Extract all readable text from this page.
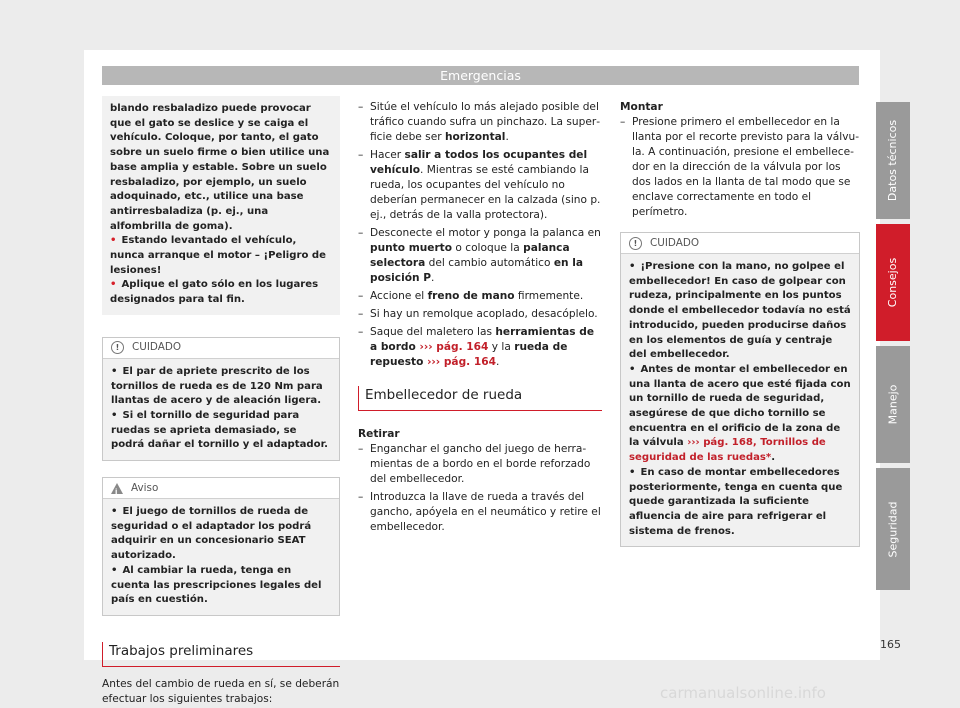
Emergencias
blando resbaladizo puede provocar que el gato se deslice y se caiga el vehículo. Coloque, por tanto, el gato sobre un suelo firme o bien utilice una base amplia y estable. Sobre un suelo resbaladizo, por ejemplo, un suelo adoquinado, etc., utilice una base antirresbaladiza (p. ej., una alfombrilla de goma).
• Estando levantado el vehículo, nunca arranque el motor – ¡Peligro de lesiones!
• Aplique el gato sólo en los lugares designados para tal fin.
!	CUIDADO
• El par de apriete prescrito de los tornillos de rueda es de 120 Nm para llantas de acero y de aleación ligera.
• Si el tornillo de seguridad para ruedas se aprieta demasiado, se podrá dañar el tornillo y el adaptador.
i Aviso
• El juego de tornillos de rueda de seguridad o el adaptador los podrá adquirir en un concesionario SEAT autorizado.
• Al cambiar la rueda, tenga en cuenta las prescripciones legales del país en cuestión.
Trabajos preliminares
Antes del cambio de rueda en sí, se deberán efectuar los siguientes trabajos:
– Sitúe el vehículo lo más alejado posible del tráfico cuando sufra un pinchazo. La superficie debe ser horizontal.
– Hacer salir a todos los ocupantes del vehículo. Mientras se esté cambiando la rueda, los ocupantes del vehículo no deberían permanecer en la calzada (sino p. ej., detrás de la valla protectora).
– Desconecte el motor y ponga la palanca en punto muerto o coloque la palanca selectora del cambio automático en la posición P.
– Accione el freno de mano firmemente.
– Si hay un remolque acoplado, desacóplelo.
– Saque del maletero las herramientas de a bordo ››› pág. 164 y la rueda de repuesto ››› pág. 164.
Embellecedor de rueda
Retirar
– Enganchar el gancho del juego de herramientas de a bordo en el borde reforzado del embellecedor.
– Introduzca la llave de rueda a través del gancho, apóyela en el neumático y retire el embellecedor.
Montar
– Presione primero el embellecedor en la llanta por el recorte previsto para la válvula. A continuación, presione el embellecedor en la dirección de la válvula por los dos lados en la llanta de tal modo que se enclave correctamente en todo el perímetro.
!	CUIDADO
• ¡Presione con la mano, no golpee el embellecedor! En caso de golpear con rudeza, principalmente en los puntos donde el embellecedor todavía no está introducido, pueden producirse daños en los elementos de guía y centraje del embellecedor.
• Antes de montar el embellecedor en una llanta de acero que esté fijada con un tornillo de rueda de seguridad, asegúrese de que dicho tornillo se encuentra en el orificio de la zona de la válvula ››› pág. 168, Tornillos de seguridad de las ruedas*.
• En caso de montar embellecedores posteriormente, tenga en cuenta que quede garantizada la suficiente afluencia de aire para refrigerar el sistema de frenos.
Datos técnicos
Consejos
Manejo
Seguridad
165
carmanualsonline.info
